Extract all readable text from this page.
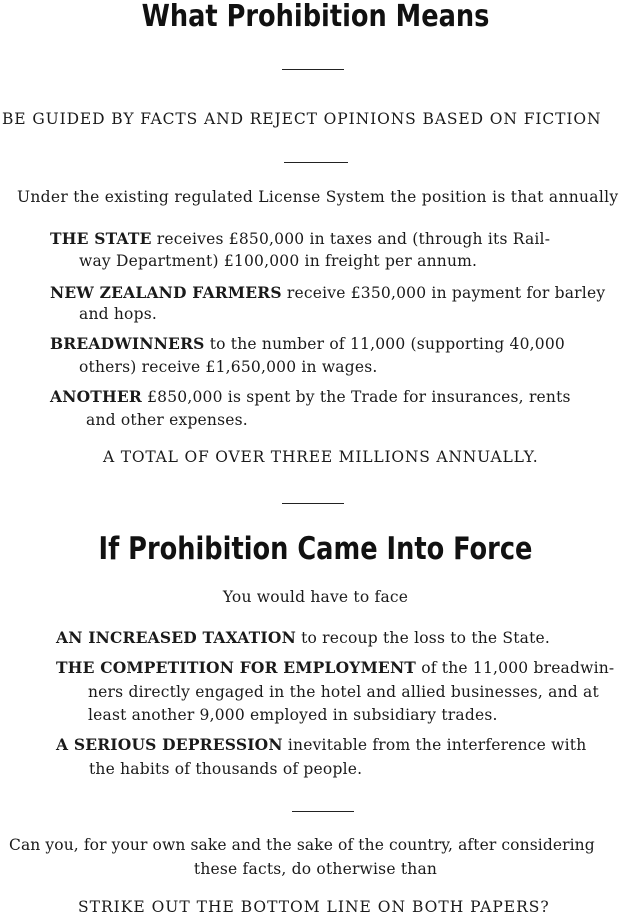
What Prohibition Means
BE GUIDED BY FACTS AND REJECT OPINIONS BASED ON FICTION
Under the existing regulated License System the position is that annually
THE STATE receives £850,000 in taxes and (through its Rail-
way Department) £100,000 in freight per annum.
NEW ZEALAND FARMERS receive £350,000 in payment for barley
and hops.
BREADWINNERS to the number of 11,000 (supporting 40,000
others) receive £1,650,000 in wages.
ANOTHER £850,000 is spent by the Trade for insurances, rents
and other expenses.
A TOTAL OF OVER THREE MILLIONS ANNUALLY.
If Prohibition Came Into Force
You would have to face
AN INCREASED TAXATION to recoup the loss to the State.
THE COMPETITION FOR EMPLOYMENT of the 11,000 breadwin-
ners directly engaged in the hotel and allied businesses, and at
least another 9,000 employed in subsidiary trades.
A SERIOUS DEPRESSION inevitable from the interference with
the habits of thousands of people.
Can you, for your own sake and the sake of the country, after considering
these facts, do otherwise than
STRIKE OUT THE BOTTOM LINE ON BOTH PAPERS?
